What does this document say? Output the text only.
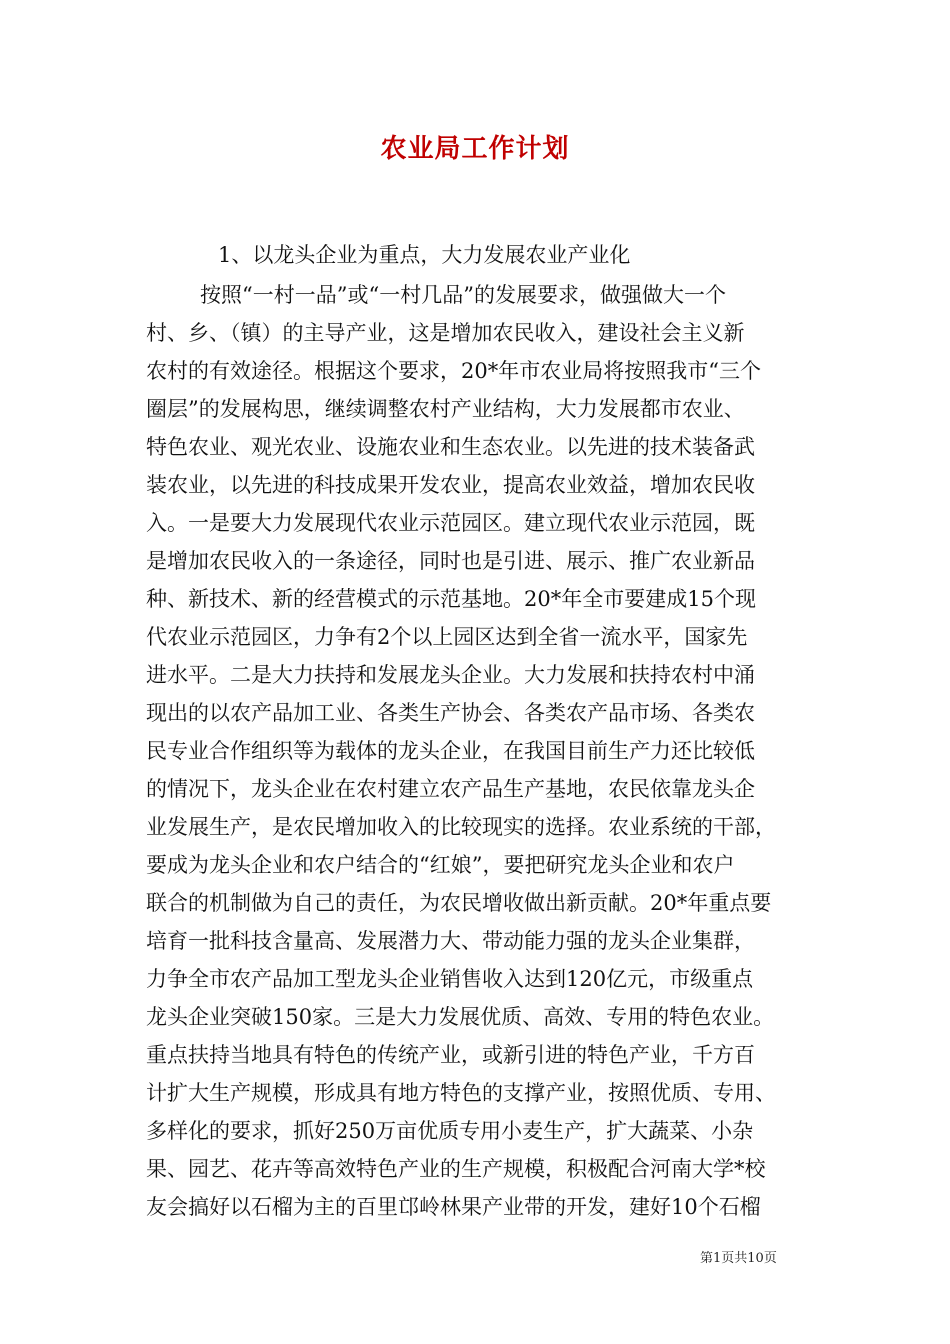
农业局工作计划
1、以龙头企业为重点，大力发展农业产业化
按照“一村一品”或“一村几品”的发展要求，做强做大一个
村、乡、（镇）的主导产业，这是增加农民收入，建设社会主义新
农村的有效途径。根据这个要求，20*年市农业局将按照我市“三个
圈层”的发展构思，继续调整农村产业结构，大力发展都市农业、
特色农业、观光农业、设施农业和生态农业。以先进的技术装备武
装农业，以先进的科技成果开发农业，提高农业效益，增加农民收
入。一是要大力发展现代农业示范园区。建立现代农业示范园，既
是增加农民收入的一条途径，同时也是引进、展示、推广农业新品
种、新技术、新的经营模式的示范基地。20*年全市要建成15个现
代农业示范园区，力争有2个以上园区达到全省一流水平，国家先
进水平。二是大力扶持和发展龙头企业。大力发展和扶持农村中涌
现出的以农产品加工业、各类生产协会、各类农产品市场、各类农
民专业合作组织等为载体的龙头企业，在我国目前生产力还比较低
的情况下，龙头企业在农村建立农产品生产基地，农民依靠龙头企
业发展生产，是农民增加收入的比较现实的选择。农业系统的干部，
要成为龙头企业和农户结合的“红娘”，要把研究龙头企业和农户
联合的机制做为自己的责任，为农民增收做出新贡献。20*年重点要
培育一批科技含量高、发展潜力大、带动能力强的龙头企业集群，
力争全市农产品加工型龙头企业销售收入达到120亿元，市级重点
龙头企业突破150家。三是大力发展优质、高效、专用的特色农业。
重点扶持当地具有特色的传统产业，或新引进的特色产业，千方百
计扩大生产规模，形成具有地方特色的支撑产业，按照优质、专用、
多样化的要求，抓好250万亩优质专用小麦生产，扩大蔬菜、小杂
果、园艺、花卉等高效特色产业的生产规模，积极配合河南大学*校
友会搞好以石榴为主的百里邙岭林果产业带的开发，建好10个石榴
第1页共10页
